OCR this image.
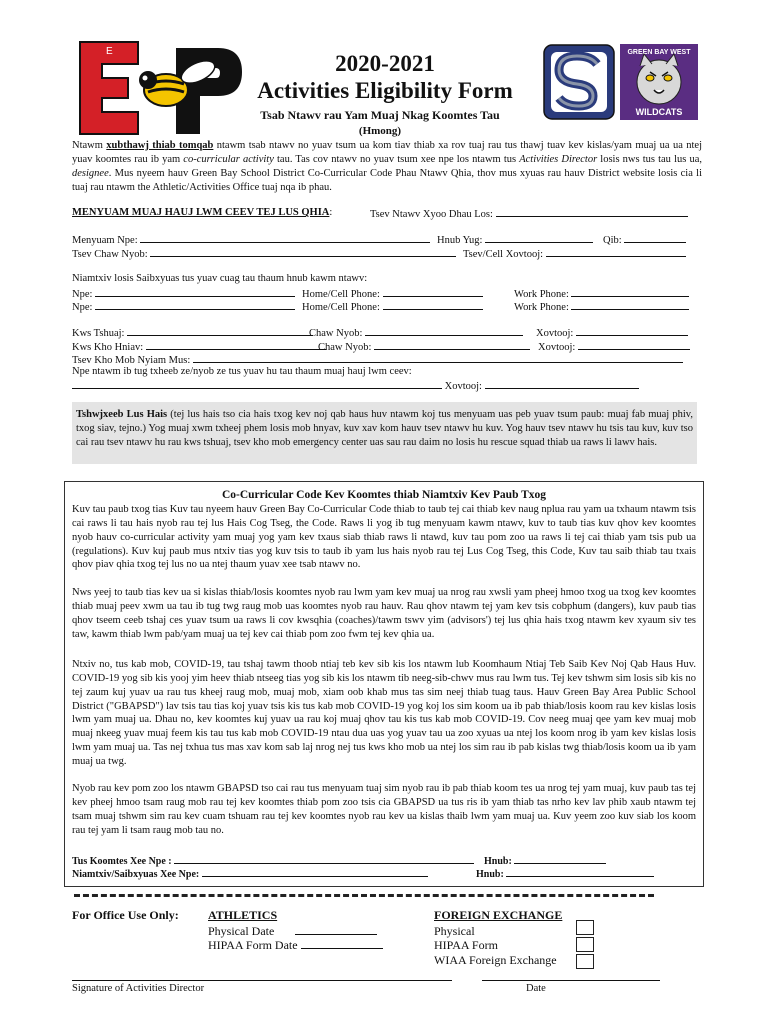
E	GREEN BAY WEST
WILDCATS
2020-2021
Activities Eligibility Form
Tsab Ntawv rau Yam Muaj Nkag Koomtes Tau
(Hmong)
Ntawm xubthawj thiab tomqab ntawm tsab ntawv no yuav tsum ua kom tiav thiab xa rov tuaj rau tus thawj tuav kev kislas/yam muaj ua ua ntej yuav koomtes rau ib yam co-curricular activity tau. Tas cov ntawv no yuav tsum xee npe los ntawm tus Activities Director losis nws tus tau lus ua, designee. Mus nyeem hauv Green Bay School District Co-Curricular Code Phau Ntawv Qhia, thov mus xyuas rau hauv District website losis cia li tuaj rau ntawm the Athletic/Activities Office tuaj nqa ib phau.
MENYUAM MUAJ HAUJ LWM CEEV TEJ LUS QHIA:	Tsev Ntawv Xyoo Dhau Los:
Menyuam Npe:	Hnub Yug:	Qib:
Tsev Chaw Nyob:	Tsev/Cell Xovtooj:
Niamtxiv losis Saibxyuas tus yuav cuag tau thaum hnub kawm ntawv:
Npe:	Home/Cell Phone:	Work Phone:
Npe:	Home/Cell Phone:	Work Phone:
Kws Tshuaj:	Chaw Nyob:	Xovtooj:
Kws Kho Hniav:	Chaw Nyob:	Xovtooj:
Tsev Kho Mob Nyiam Mus:
Npe ntawm ib tug txheeb ze/nyob ze tus yuav hu tau thaum muaj hauj lwm ceev:
Xovtooj:
Tshwjxeeb Lus Hais (tej lus hais tso cia hais txog kev noj qab haus huv ntawm koj tus menyuam uas peb yuav tsum paub: muaj fab muaj phiv, txog siav, tejno.) Yog muaj xwm txheej phem losis mob hnyav, kuv xav kom hauv tsev ntawv hu kuv. Yog hauv tsev ntawv hu tsis tau kuv, kuv tso cai rau tsev ntawv hu rau kws tshuaj, tsev kho mob emergency center uas sau rau daim no losis hu rescue squad thiab ua raws li lawv hais.
Co-Curricular Code Kev Koomtes thiab Niamtxiv Kev Paub Txog
Kuv tau paub txog tias Kuv tau nyeem hauv Green Bay Co-Curricular Code thiab to taub tej cai thiab kev naug nplua rau yam ua txhaum ntawm tsis cai raws li tau hais nyob rau tej lus Hais Cog Tseg, the Code. Raws li yog ib tug menyuam kawm ntawv, kuv to taub tias kuv qhov kev koomtes nyob hauv co-curricular activity yam muaj yog yam kev txaus siab thiab raws li ntawd, kuv tau pom zoo ua raws li tej cai thiab yam tsis pub ua (regulations). Kuv kuj paub mus ntxiv tias yog kuv tsis to taub ib yam lus hais nyob rau tej Lus Cog Tseg, this Code, Kuv tau saib thiab tau txais qhov piav qhia txog tej lus no ua ntej thaum yuav xee tsab ntawv no.
Nws yeej to taub tias kev ua si kislas thiab/losis koomtes nyob rau lwm yam kev muaj ua nrog rau xwsli yam pheej hmoo txog ua txog kev koomtes thiab muaj peev xwm ua tau ib tug twg raug mob uas koomtes nyob rau hauv. Rau qhov ntawm tej yam kev tsis cobphum (dangers), kuv paub tias qhov tseem ceeb tshaj ces yuav tsum ua raws li cov kwsqhia (coaches)/tawm tswv yim (advisors') tej lus qhia hais txog ntawm kev xyaum siv tes taw, kawm thiab lwm pab/yam muaj ua tej kev cai thiab pom zoo fwm tej kev qhia ua.
Ntxiv no, tus kab mob, COVID-19, tau tshaj tawm thoob ntiaj teb kev sib kis los ntawm lub Koomhaum Ntiaj Teb Saib Kev Noj Qab Haus Huv. COVID-19 yog sib kis yooj yim heev thiab ntseeg tias yog sib kis los ntawm tib neeg-sib-chwv mus rau lwm tus. Tej kev tshwm sim losis sib kis no tej zaum kuj yuav ua rau tus kheej raug mob, muaj mob, xiam oob khab mus tas sim neej thiab tuag taus. Hauv Green Bay Area Public School District ("GBAPSD") lav tsis tau tias koj yuav tsis kis tus kab mob COVID-19 yog koj los sim koom ua ib pab thiab/losis koom rau kev kislas losis lwm yam muaj ua. Dhau no, kev koomtes kuj yuav ua rau koj muaj qhov tau kis tus kab mob COVID-19. Cov neeg muaj qee yam kev muaj mob muaj nkeeg yuav muaj feem kis tau tus kab mob COVID-19 ntau dua uas yog yuav tau ua zoo xyuas ua ntej los koom nrog ib yam kev kislas losis lwm yam muaj ua. Tas nej txhua tus mas xav kom sab laj nrog nej tus kws kho mob ua ntej los sim rau ib pab kislas twg thiab/losis koom ua ib yam muaj ua twg.
Nyob rau kev pom zoo los ntawm GBAPSD tso cai rau tus menyuam tuaj sim nyob rau ib pab thiab koom tes ua nrog tej yam muaj, kuv paub tas tej kev pheej hmoo tsam raug mob rau tej kev koomtes thiab pom zoo tsis cia GBAPSD ua tus ris ib yam thiab tas nrho kev lav phib xaub ntawm tej tsam muaj tshwm sim rau kev cuam tshuam rau tej kev koomtes nyob rau kev ua kislas thaib lwm yam muaj ua. Kuv yeem zoo kuv siab los koom rau tej yam li tsam raug mob tau no.
Tus Koomtes Xee Npe :	Hnub:
Niamtxiv/Saibxyuas Xee Npe:	Hnub:
For Office Use Only: ATHLETICS
Physical Date
HIPAA Form Date
FOREIGN EXCHANGE
Physical
HIPAA Form
WIAA Foreign Exchange
Signature of Activities Director	Date
